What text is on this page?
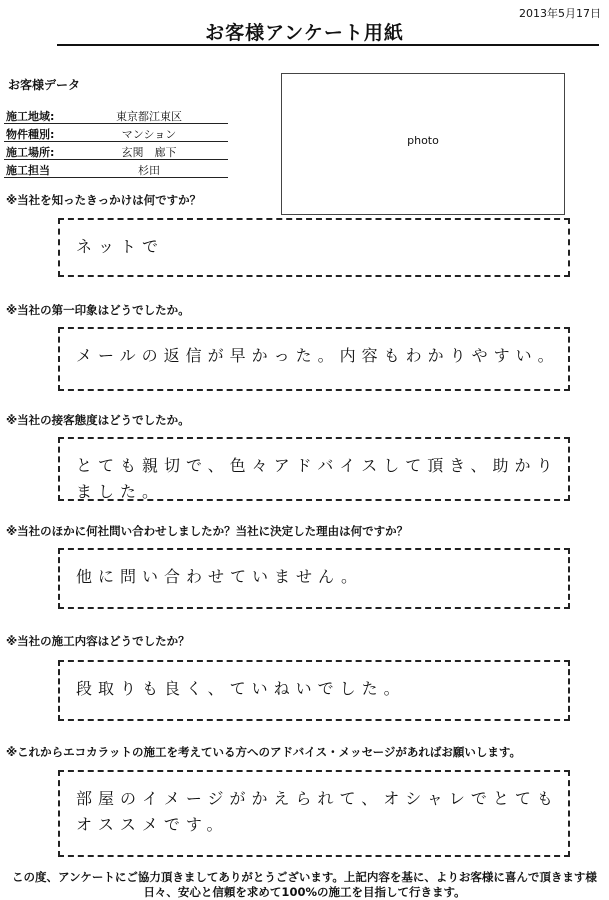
2013年5月17日
お客様アンケート用紙
お客様データ
施工地域:	東京都江東区
物件種別:	マンション
施工場所:	玄関　廊下
施工担当	杉田
photo
※当社を知ったきっかけは何ですか？
ネットで
※当社の第一印象はどうでしたか。
メールの返信が早かった。内容もわかりやすい。
※当社の接客態度はどうでしたか。
とても親切で、色々アドバイスして頂き、助かりました。
※当社のほかに何社問い合わせしましたか？当社に決定した理由は何ですか？
他に問い合わせていません。
※当社の施工内容はどうでしたか？
段取りも良く、ていねいでした。
※これからエコカラットの施工を考えている方へのアドバイス・メッセージがあればお願いします。
部屋のイメージがかえられて、オシャレでとても
オススメです。
この度、アンケートにご協力頂きましてありがとうございます。上記内容を基に、よりお客様に喜んで頂きます様
日々、安心と信頼を求めて100%の施工を目指して行きます。
